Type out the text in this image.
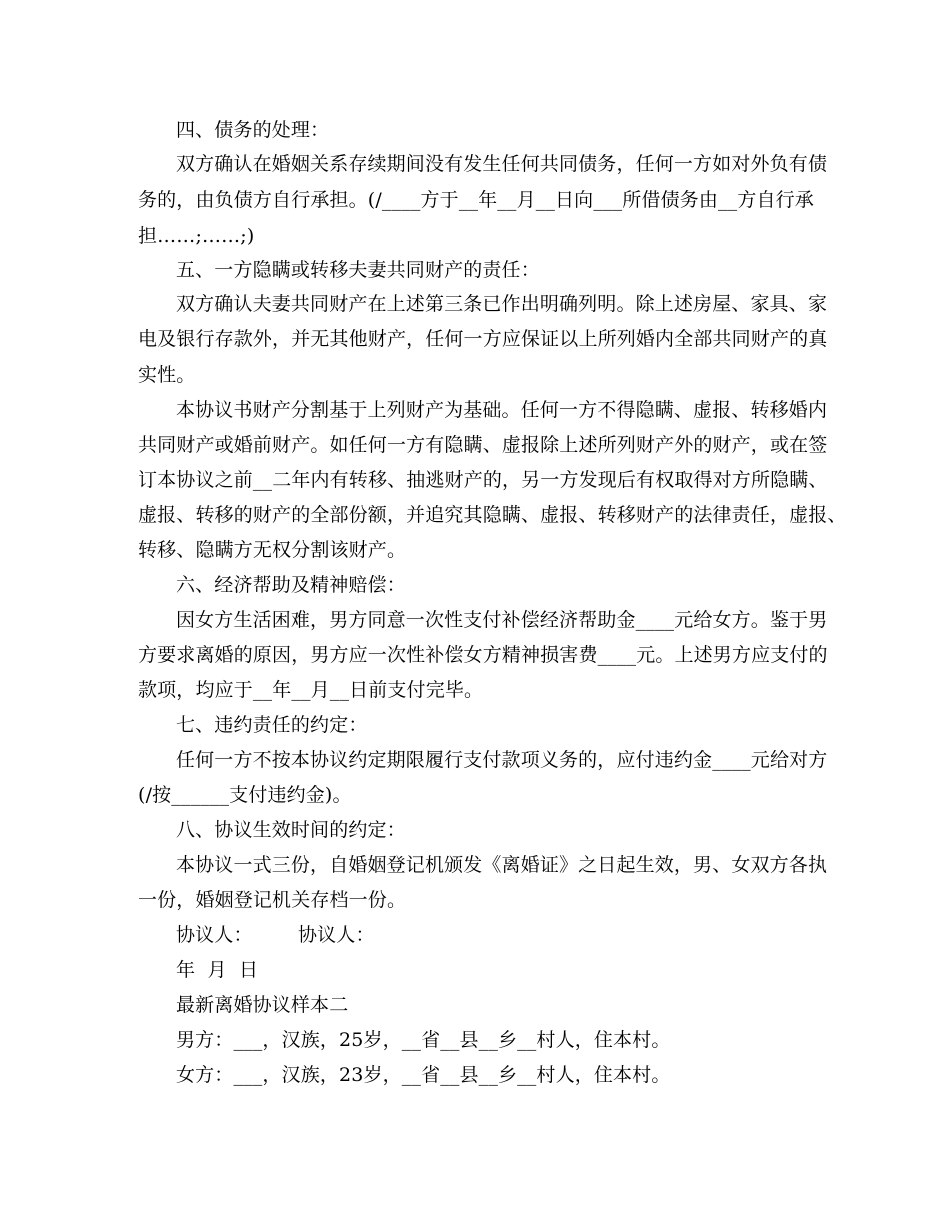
四、债务的处理：
双方确认在婚姻关系存续期间没有发生任何共同债务，任何一方如对外负有债
务的，由负债方自行承担。(/____方于__年__月__日向___所借债务由__方自行承
担……;……;)
五、一方隐瞒或转移夫妻共同财产的责任：
双方确认夫妻共同财产在上述第三条已作出明确列明。除上述房屋、家具、家
电及银行存款外，并无其他财产，任何一方应保证以上所列婚内全部共同财产的真
实性。
本协议书财产分割基于上列财产为基础。任何一方不得隐瞒、虚报、转移婚内
共同财产或婚前财产。如任何一方有隐瞒、虚报除上述所列财产外的财产，或在签
订本协议之前__二年内有转移、抽逃财产的，另一方发现后有权取得对方所隐瞒、
虚报、转移的财产的全部份额，并追究其隐瞒、虚报、转移财产的法律责任，虚报、
转移、隐瞒方无权分割该财产。
六、经济帮助及精神赔偿：
因女方生活困难，男方同意一次性支付补偿经济帮助金____元给女方。鉴于男
方要求离婚的原因，男方应一次性补偿女方精神损害费____元。上述男方应支付的
款项，均应于__年__月__日前支付完毕。
七、违约责任的约定：
任何一方不按本协议约定期限履行支付款项义务的，应付违约金____元给对方
(/按______支付违约金)。
八、协议生效时间的约定：
本协议一式三份，自婚姻登记机颁发《离婚证》之日起生效，男、女双方各执
一份，婚姻登记机关存档一份。
协议人：	协议人：
年  月  日
最新离婚协议样本二
男方：___，汉族，25岁，__省__县__乡__村人，住本村。
女方：___，汉族，23岁，__省__县__乡__村人，住本村。
